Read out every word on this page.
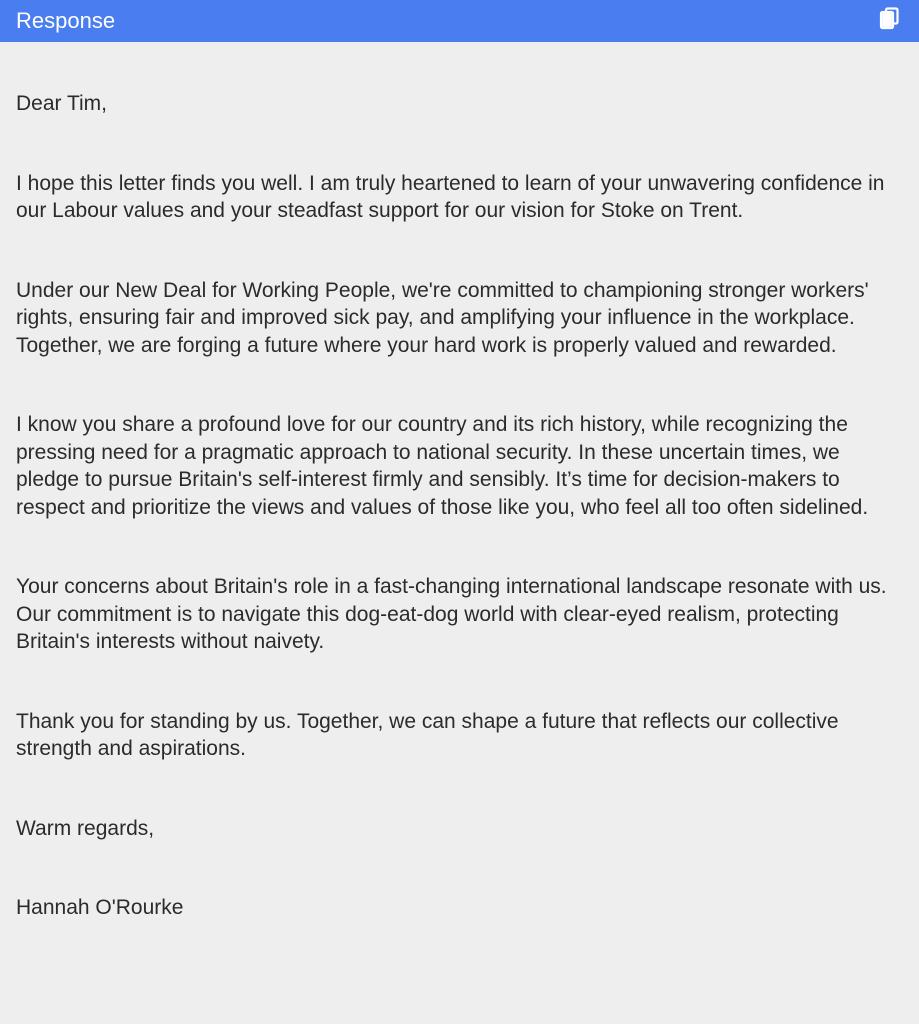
Response

Dear Tim,

I hope this letter finds you well. I am truly heartened to learn of your unwavering confidence in our Labour values and your steadfast support for our vision for Stoke on Trent.

Under our New Deal for Working People, we're committed to championing stronger workers' rights, ensuring fair and improved sick pay, and amplifying your influence in the workplace. Together, we are forging a future where your hard work is properly valued and rewarded.

I know you share a profound love for our country and its rich history, while recognizing the pressing need for a pragmatic approach to national security. In these uncertain times, we pledge to pursue Britain's self-interest firmly and sensibly. It’s time for decision-makers to respect and prioritize the views and values of those like you, who feel all too often sidelined.

Your concerns about Britain's role in a fast-changing international landscape resonate with us. Our commitment is to navigate this dog-eat-dog world with clear-eyed realism, protecting Britain's interests without naivety.

Thank you for standing by us. Together, we can shape a future that reflects our collective strength and aspirations.

Warm regards,

Hannah O'Rourke
